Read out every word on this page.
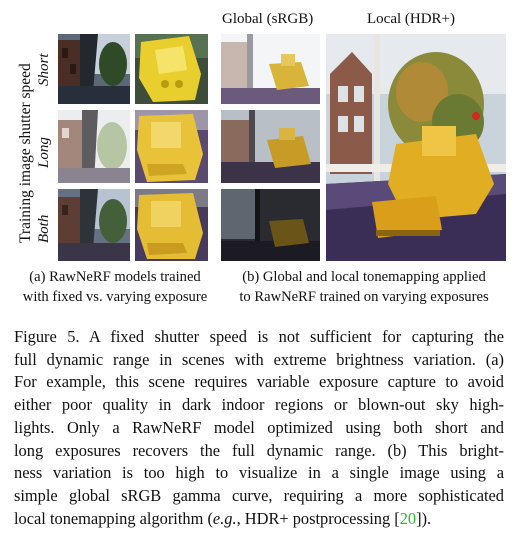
Training image shutter speed Short
Long
Both
(a) RawNeRF models trained
with fixed vs. varying exposure
Global (sRGB)	Local (HDR+)
(b) Global and local tonemapping applied
to RawNeRF trained on varying exposures
Figure 5. A fixed shutter speed is not sufficient for capturing the
full dynamic range in scenes with extreme brightness variation. (a)
For example, this scene requires variable exposure capture to avoid
either poor quality in dark indoor regions or blown-out sky high-
lights. Only a RawNeRF model optimized using both short and
long exposures recovers the full dynamic range. (b) This bright-
ness variation is too high to visualize in a single image using a
simple global sRGB gamma curve, requiring a more sophisticated
local tonemapping algorithm (e.g., HDR+ postprocessing [20]).
